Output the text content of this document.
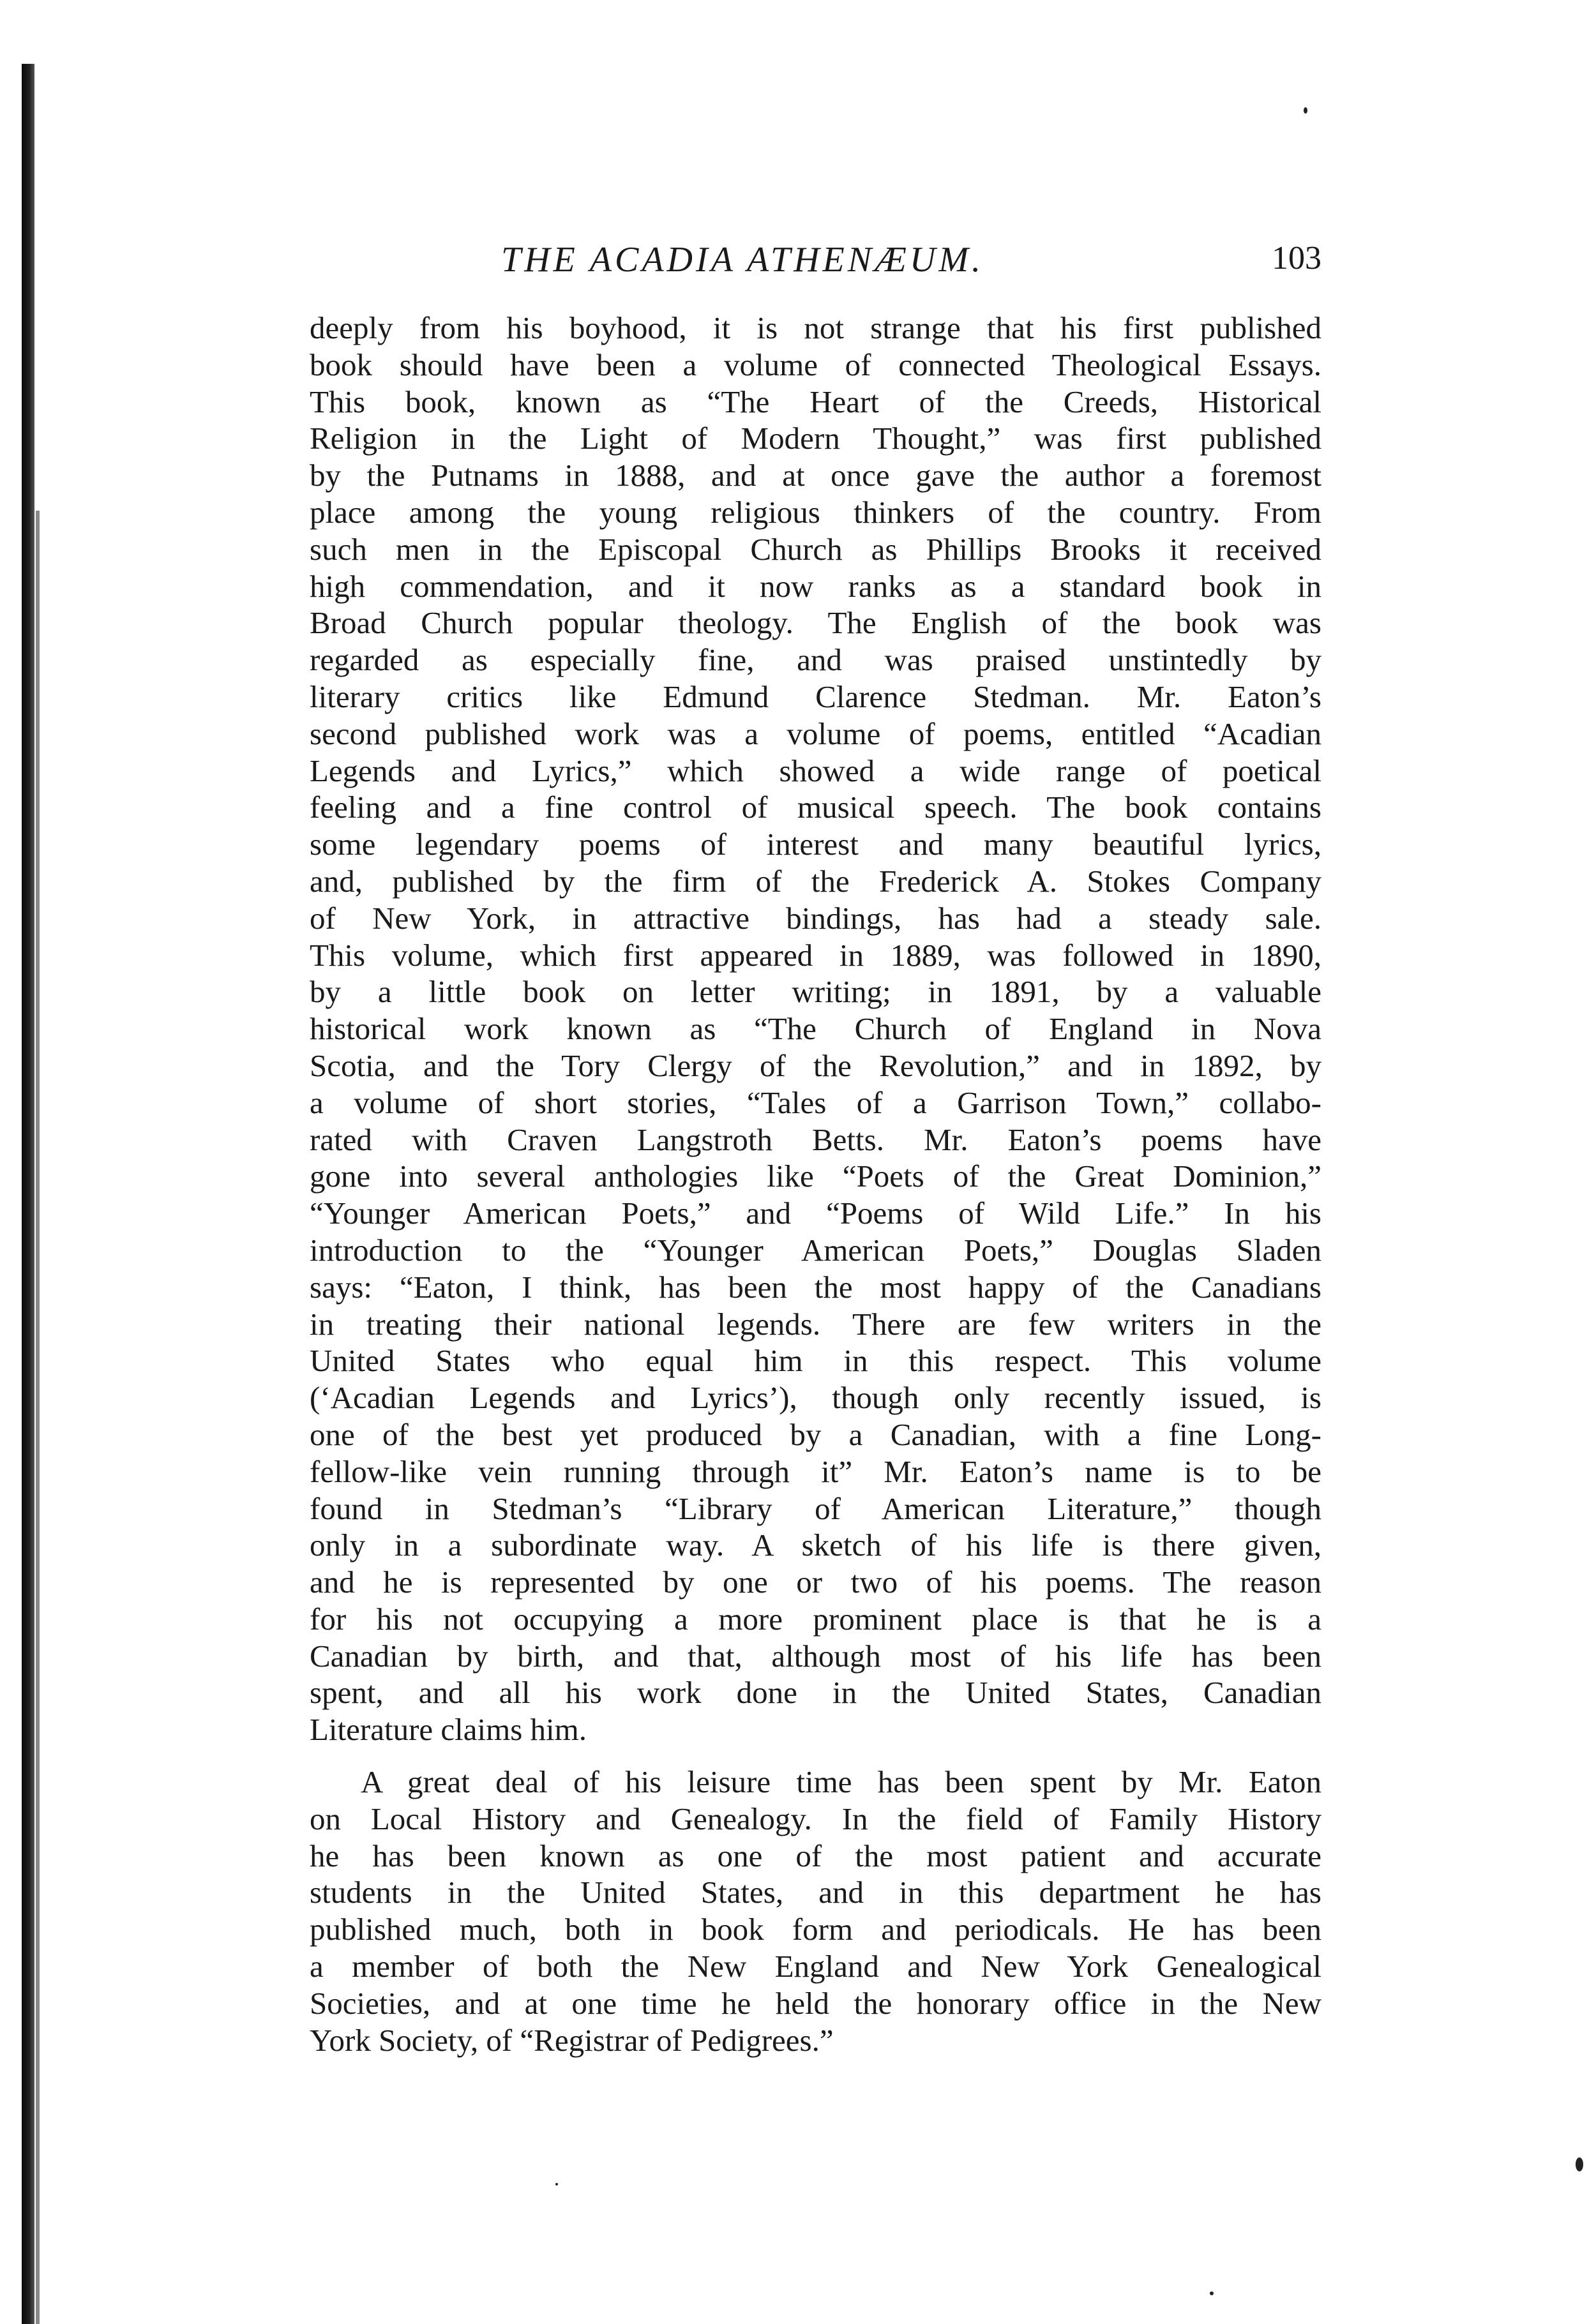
THE ACADIA ATHENÆUM.	103
deeply from his boyhood, it is not strange that his first published
book should have been a volume of connected Theological Essays.
This book, known as “The Heart of the Creeds, Historical
Religion in the Light of Modern Thought,” was first published
by the Putnams in 1888, and at once gave the author a foremost
place among the young religious thinkers of the country. From
such men in the Episcopal Church as Phillips Brooks it received
high commendation, and it now ranks as a standard book in
Broad Church popular theology. The English of the book was
regarded as especially fine, and was praised unstintedly by
literary critics like Edmund Clarence Stedman. Mr. Eaton’s
second published work was a volume of poems, entitled “Acadian
Legends and Lyrics,” which showed a wide range of poetical
feeling and a fine control of musical speech. The book contains
some legendary poems of interest and many beautiful lyrics,
and, published by the firm of the Frederick A. Stokes Company
of New York, in attractive bindings, has had a steady sale.
This volume, which first appeared in 1889, was followed in 1890,
by a little book on letter writing; in 1891, by a valuable
historical work known as “The Church of England in Nova
Scotia, and the Tory Clergy of the Revolution,” and in 1892, by
a volume of short stories, “Tales of a Garrison Town,” collabo-
rated with Craven Langstroth Betts. Mr. Eaton’s poems have
gone into several anthologies like “Poets of the Great Dominion,”
“Younger American Poets,” and “Poems of Wild Life.” In his
introduction to the “Younger American Poets,” Douglas Sladen
says: “Eaton, I think, has been the most happy of the Canadians
in treating their national legends. There are few writers in the
United States who equal him in this respect. This volume
(‘Acadian Legends and Lyrics’), though only recently issued, is
one of the best yet produced by a Canadian, with a fine Long-
fellow-like vein running through it” Mr. Eaton’s name is to be
found in Stedman’s “Library of American Literature,” though
only in a subordinate way. A sketch of his life is there given,
and he is represented by one or two of his poems. The reason
for his not occupying a more prominent place is that he is a
Canadian by birth, and that, although most of his life has been
spent, and all his work done in the United States, Canadian
Literature claims him.
A great deal of his leisure time has been spent by Mr. Eaton
on Local History and Genealogy. In the field of Family History
he has been known as one of the most patient and accurate
students in the United States, and in this department he has
published much, both in book form and periodicals. He has been
a member of both the New England and New York Genealogical
Societies, and at one time he held the honorary office in the New
York Society, of “Registrar of Pedigrees.”
